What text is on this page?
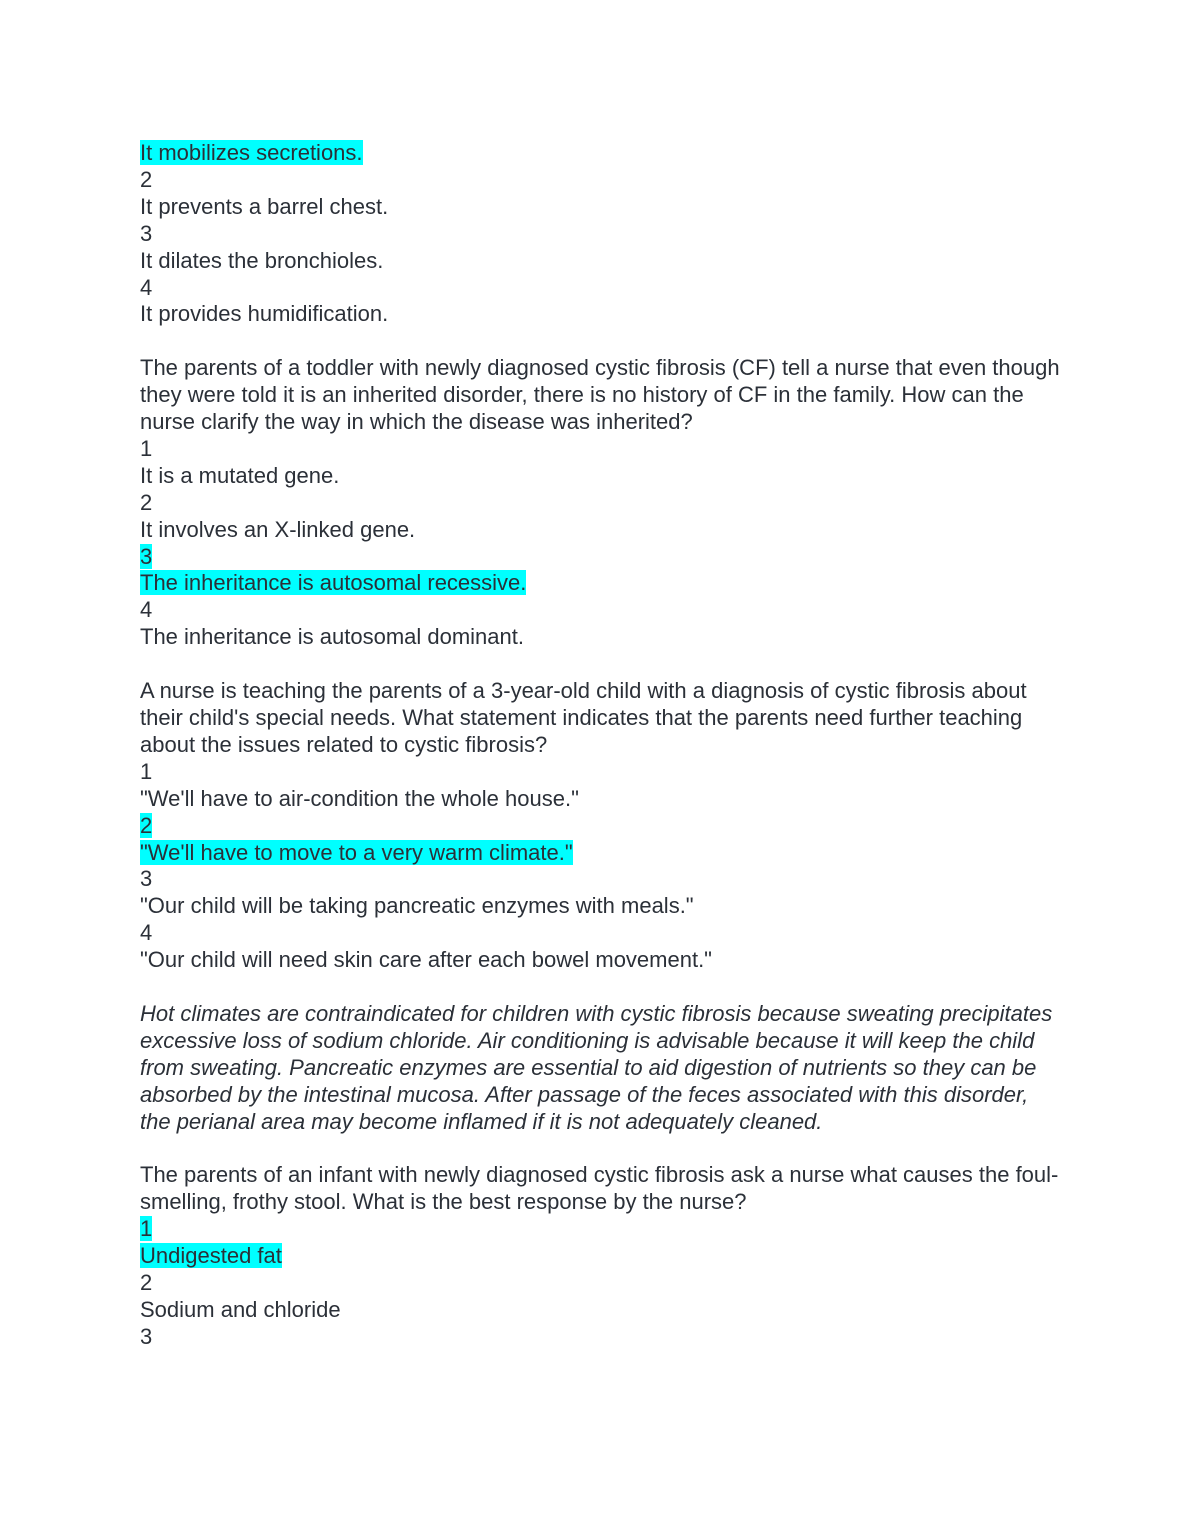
It mobilizes secretions.
2
It prevents a barrel chest.
3
It dilates the bronchioles.
4
It provides humidification.
The parents of a toddler with newly diagnosed cystic fibrosis (CF) tell a nurse that even though they were told it is an inherited disorder, there is no history of CF in the family. How can the nurse clarify the way in which the disease was inherited?
1
It is a mutated gene.
2
It involves an X-linked gene.
3
The inheritance is autosomal recessive.
4
The inheritance is autosomal dominant.
A nurse is teaching the parents of a 3-year-old child with a diagnosis of cystic fibrosis about their child's special needs. What statement indicates that the parents need further teaching about the issues related to cystic fibrosis?
1
"We'll have to air-condition the whole house."
2
"We'll have to move to a very warm climate."
3
"Our child will be taking pancreatic enzymes with meals."
4
"Our child will need skin care after each bowel movement."
Hot climates are contraindicated for children with cystic fibrosis because sweating precipitates excessive loss of sodium chloride. Air conditioning is advisable because it will keep the child from sweating. Pancreatic enzymes are essential to aid digestion of nutrients so they can be absorbed by the intestinal mucosa. After passage of the feces associated with this disorder, the perianal area may become inflamed if it is not adequately cleaned.
The parents of an infant with newly diagnosed cystic fibrosis ask a nurse what causes the foul-smelling, frothy stool. What is the best response by the nurse?
1
Undigested fat
2
Sodium and chloride
3
